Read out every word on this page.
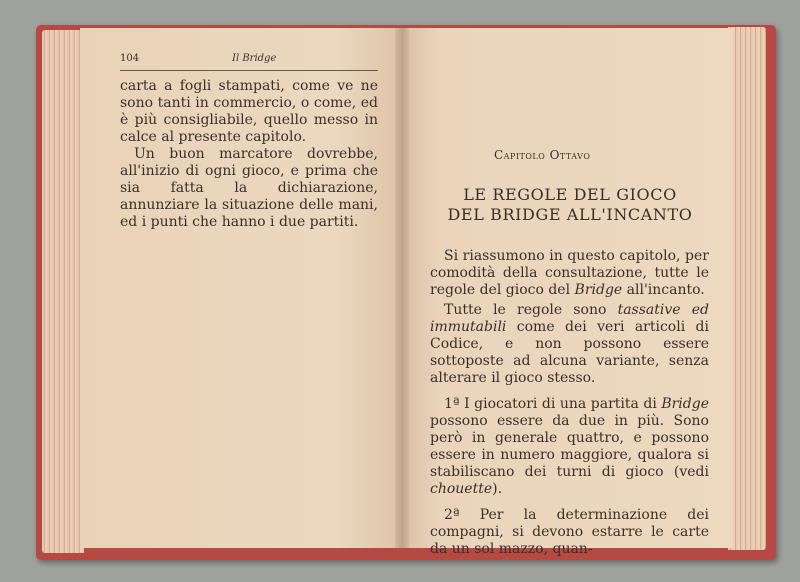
104	Il Bridge

carta a fogli stampati, come ve ne sono tanti in commercio, o come, ed è più consigliabile, quello messo in calce al presente capitolo.

Un buon marcatore dovrebbe, all'inizio di ogni gioco, e prima che sia fatta la dichiarazione, annunziare la situazione delle mani, ed i punti che hanno i due partiti.

Capitolo Ottavo
LE REGOLE DEL GIOCO
DEL BRIDGE ALL'INCANTO

Si riassumono in questo capitolo, per comodità della consultazione, tutte le regole del gioco del Bridge all'incanto.

Tutte le regole sono tassative ed immutabili come dei veri articoli di Codice, e non possono essere sottoposte ad alcuna variante, senza alterare il gioco stesso.

1ª I giocatori di una partita di Bridge possono essere da due in più. Sono però in generale quattro, e possono essere in numero maggiore, qualora si stabiliscano dei turni di gioco (vedi chouette).

2ª Per la determinazione dei compagni, si devono estarre le carte da un sol mazzo, quan-
